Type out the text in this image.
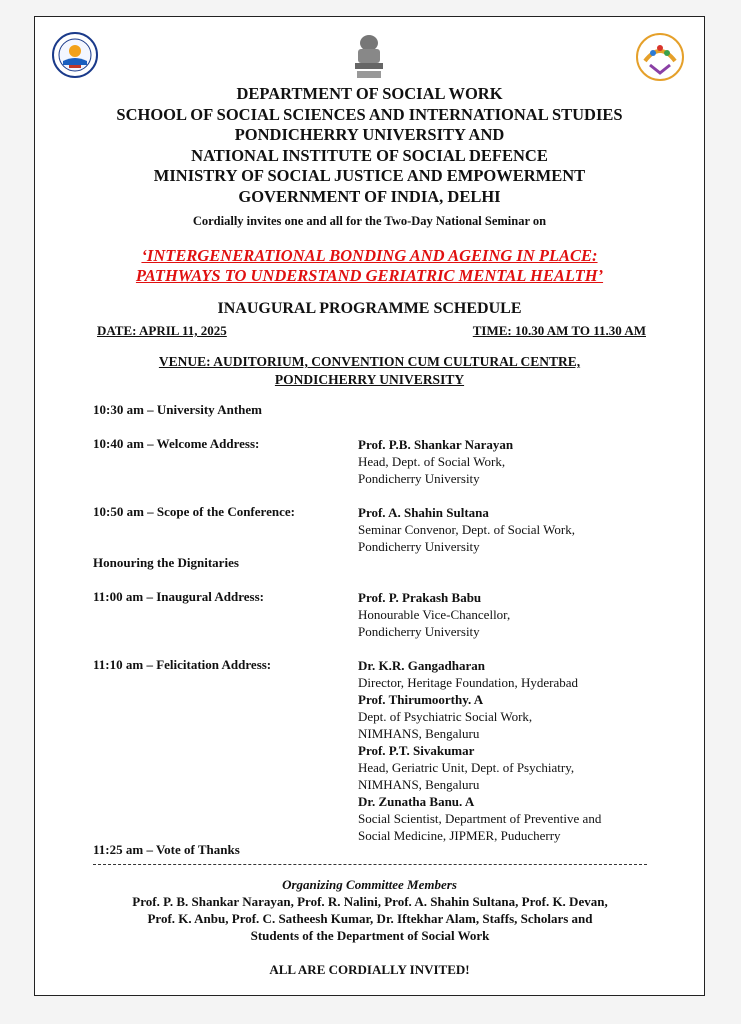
DEPARTMENT OF SOCIAL WORK
SCHOOL OF SOCIAL SCIENCES AND INTERNATIONAL STUDIES
PONDICHERRY UNIVERSITY AND
NATIONAL INSTITUTE OF SOCIAL DEFENCE
MINISTRY OF SOCIAL JUSTICE AND EMPOWERMENT
GOVERNMENT OF INDIA, DELHI
Cordially invites one and all for the Two-Day National Seminar on
‘INTERGENERATIONAL BONDING AND AGEING IN PLACE:
PATHWAYS TO UNDERSTAND GERIATRIC MENTAL HEALTH’
INAUGURAL PROGRAMME SCHEDULE
DATE: APRIL 11, 2025	TIME: 10.30 AM TO 11.30 AM
VENUE: AUDITORIUM, CONVENTION CUM CULTURAL CENTRE,
PONDICHERRY UNIVERSITY
10:30 am – University Anthem
10:40 am – Welcome Address:	Prof. P.B. Shankar Narayan
Head, Dept. of Social Work,
Pondicherry University
10:50 am – Scope of the Conference:	Prof. A. Shahin Sultana
Seminar Convenor, Dept. of Social Work,
Pondicherry University
Honouring the Dignitaries
11:00 am – Inaugural Address:	Prof. P. Prakash Babu
Honourable Vice-Chancellor,
Pondicherry University
11:10 am – Felicitation Address:	Dr. K.R. Gangadharan
Director, Heritage Foundation, Hyderabad
Prof. Thirumoorthy. A
Dept. of Psychiatric Social Work,
NIMHANS, Bengaluru
Prof. P.T. Sivakumar
Head, Geriatric Unit, Dept. of Psychiatry,
NIMHANS, Bengaluru
Dr. Zunatha Banu. A
Social Scientist, Department of Preventive and
Social Medicine, JIPMER, Puducherry
11:25 am – Vote of Thanks
Organizing Committee Members
Prof. P. B. Shankar Narayan, Prof. R. Nalini, Prof. A. Shahin Sultana, Prof. K. Devan,
Prof. K. Anbu, Prof. C. Satheesh Kumar, Dr. Iftekhar Alam, Staffs, Scholars and
Students of the Department of Social Work
ALL ARE CORDIALLY INVITED!
